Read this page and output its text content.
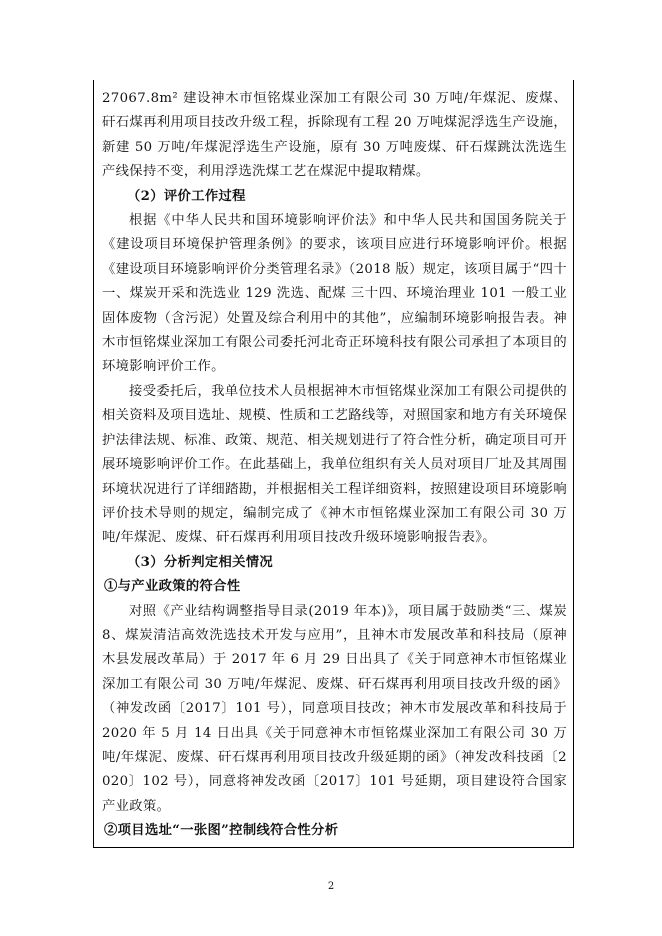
27067.8m² 建设神木市恒铭煤业深加工有限公司 30 万吨/年煤泥、废煤、矸石煤再利用项目技改升级工程，拆除现有工程 20 万吨煤泥浮选生产设施，新建 50 万吨/年煤泥浮选生产设施，原有 30 万吨废煤、矸石煤跳汰洗选生产线保持不变，利用浮选洗煤工艺在煤泥中提取精煤。

（2）评价工作过程

根据《中华人民共和国环境影响评价法》和中华人民共和国国务院关于《建设项目环境保护管理条例》的要求，该项目应进行环境影响评价。根据《建设项目环境影响评价分类管理名录》（2018 版）规定，该项目属于“四十一、煤炭开采和洗选业 129 洗选、配煤 三十四、环境治理业 101 一般工业固体废物（含污泥）处置及综合利用中的其他”，应编制环境影响报告表。神木市恒铭煤业深加工有限公司委托河北奇正环境科技有限公司承担了本项目的环境影响评价工作。

接受委托后，我单位技术人员根据神木市恒铭煤业深加工有限公司提供的相关资料及项目选址、规模、性质和工艺路线等，对照国家和地方有关环境保护法律法规、标准、政策、规范、相关规划进行了符合性分析，确定项目可开展环境影响评价工作。在此基础上，我单位组织有关人员对项目厂址及其周围环境状况进行了详细踏勘，并根据相关工程详细资料，按照建设项目环境影响评价技术导则的规定，编制完成了《神木市恒铭煤业深加工有限公司 30 万吨/年煤泥、废煤、矸石煤再利用项目技改升级环境影响报告表》。

（3）分析判定相关情况

①与产业政策的符合性

对照《产业结构调整指导目录(2019 年本)》，项目属于鼓励类“三、煤炭 8、煤炭清洁高效洗选技术开发与应用”，且神木市发展改革和科技局（原神木县发展改革局）于 2017 年 6 月 29 日出具了《关于同意神木市恒铭煤业深加工有限公司 30 万吨/年煤泥、废煤、矸石煤再利用项目技改升级的函》（神发改函〔2017〕101 号），同意项目技改；神木市发展改革和科技局于 2020 年 5 月 14 日出具《关于同意神木市恒铭煤业深加工有限公司 30 万吨/年煤泥、废煤、矸石煤再利用项目技改升级延期的函》（神发改科技函〔2020〕102 号），同意将神发改函〔2017〕101 号延期，项目建设符合国家产业政策。

②项目选址“一张图”控制线符合性分析

2
